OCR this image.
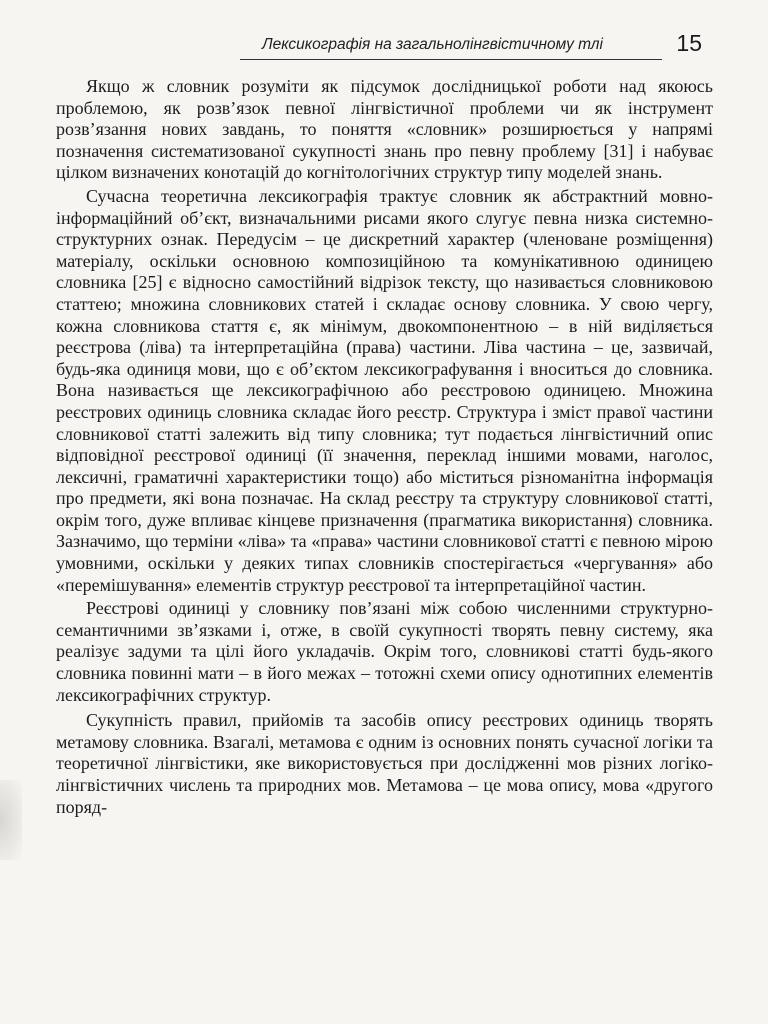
Лексикографія на загальнолінгвістичному тлі	15

Якщо ж словник розуміти як підсумок дослідницької роботи над якоюсь проблемою, як розв’язок певної лінгвістичної проблеми чи як інструмент розв’язання нових завдань, то поняття «словник» розширюється у напрямі позначення систематизованої сукупності знань про певну проблему [31] і набуває цілком визначених конотацій до когнітологічних структур типу моделей знань.

Сучасна теоретична лексикографія трактує словник як абстрактний мовно-інформаційний об’єкт, визначальними рисами якого слугує певна низка системно-структурних ознак. Передусім – це дискретний характер (членоване розміщення) матеріалу, оскільки основною композиційною та комунікативною одиницею словника [25] є відносно самостійний відрізок тексту, що називається словниковою статтею; множина словникових статей і складає основу словника. У свою чергу, кожна словникова стаття є, як мінімум, двокомпонентною – в ній виділяється реєстрова (ліва) та інтерпретаційна (права) частини. Ліва частина – це, зазвичай, будь-яка одиниця мови, що є об’єктом лексикографування і вноситься до словника. Вона називається ще лексикографічною або реєстровою одиницею. Множина реєстрових одиниць словника складає його реєстр. Структура і зміст правої частини словникової статті залежить від типу словника; тут подається лінгвістичний опис відповідної реєстрової одиниці (її значення, переклад іншими мовами, наголос, лексичні, граматичні характеристики тощо) або міститься різноманітна інформація про предмети, які вона позначає. На склад реєстру та структуру словникової статті, окрім того, дуже впливає кінцеве призначення (прагматика використання) словника. Зазначимо, що терміни «ліва» та «права» частини словникової статті є певною мірою умовними, оскільки у деяких типах словників спостерігається «чергування» або «перемішування» елементів структур реєстрової та інтерпретаційної частин.

Реєстрові одиниці у словнику пов’язані між собою численними структурно-семантичними зв’язками і, отже, в своїй сукупності творять певну систему, яка реалізує задуми та цілі його укладачів. Окрім того, словникові статті будь-якого словника повинні мати – в його межах – тотожні схеми опису однотипних елементів лексикографічних структур.

Сукупність правил, прийомів та засобів опису реєстрових одиниць творять метамову словника. Взагалі, метамова є одним із основних понять сучасної логіки та теоретичної лінгвістики, яке використовується при дослідженні мов різних логіко-лінгвістичних числень та природних мов. Метамова – це мова опису, мова «другого поряд-
